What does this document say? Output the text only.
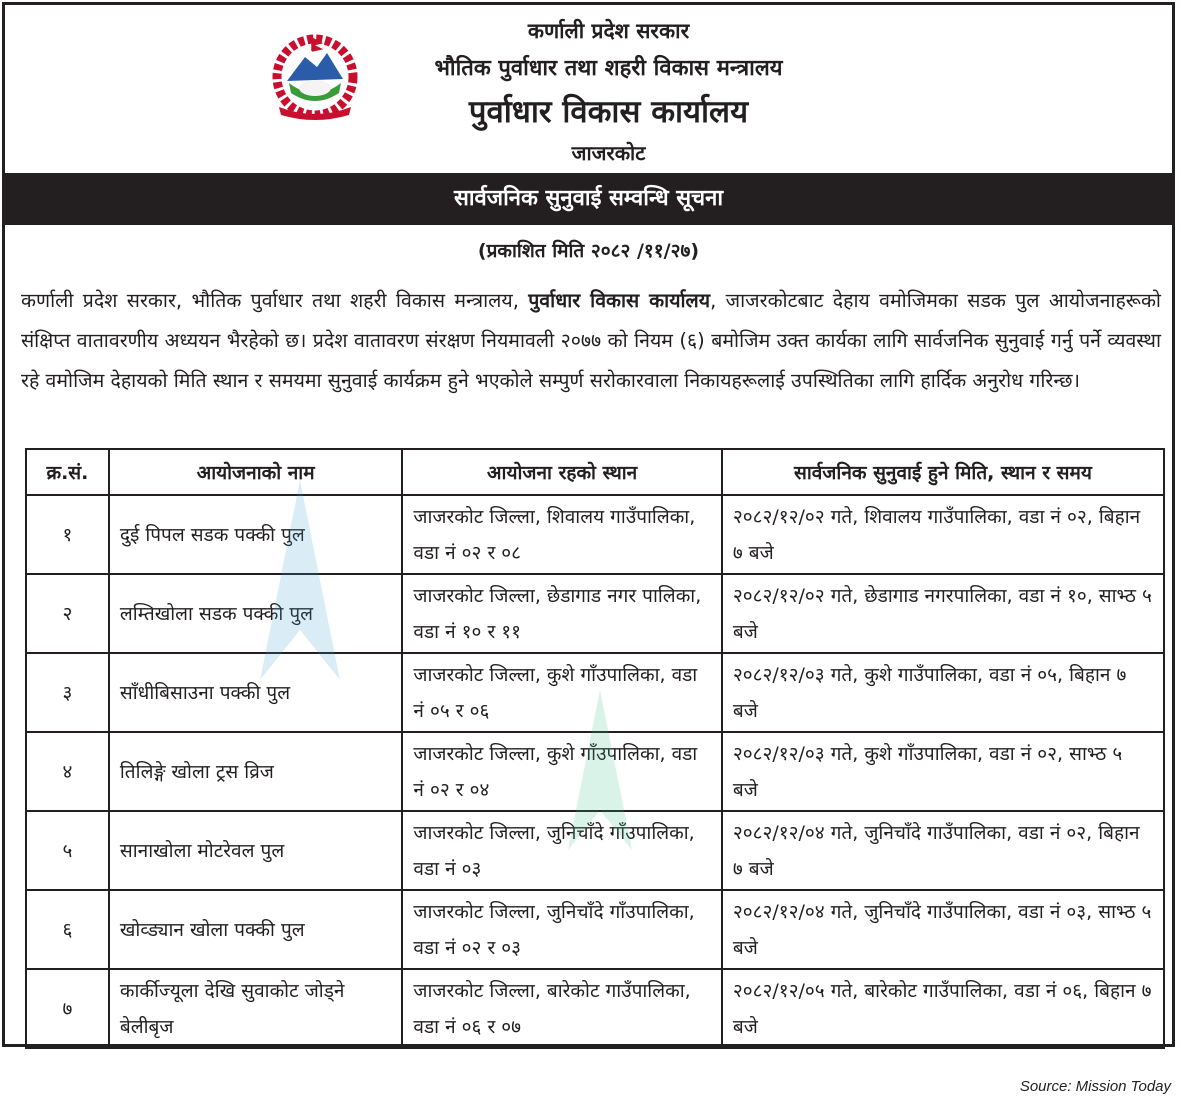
कर्णाली प्रदेश सरकार
भौतिक पुर्वाधार तथा शहरी विकास मन्त्रालय
पुर्वाधार विकास कार्यालय
जाजरकोट
सार्वजनिक सुनुवाई सम्वन्धि सूचना
(प्रकाशित मिति २०८२ /११/२७)
कर्णाली प्रदेश सरकार, भौतिक पुर्वाधार तथा शहरी विकास मन्त्रालय, पुर्वाधार विकास कार्यालय, जाजरकोटबाट देहाय वमोजिमका सडक पुल आयोजनाहरूको संक्षिप्त वातावरणीय अध्ययन भैरहेको छ। प्रदेश वातावरण संरक्षण नियमावली २०७७ को नियम (६) बमोजिम उक्त कार्यका लागि सार्वजनिक सुनुवाई गर्नु पर्ने व्यवस्था रहे वमोजिम देहायको मिति स्थान र समयमा सुनुवाई कार्यक्रम हुने भएकोले सम्पुर्ण सरोकारवाला निकायहरूलाई उपस्थितिका लागि हार्दिक अनुरोध गरिन्छ।
क्र.सं.	आयोजनाको नाम	आयोजना रहको स्थान	सार्वजनिक सुनुवाई हुने मिति, स्थान र समय
१	दुई पिपल सडक पक्की पुल	जाजरकोट जिल्ला, शिवालय गाउँपालिका, वडा नं ०२ र ०८	२०८२/१२/०२ गते, शिवालय गाउँपालिका, वडा नं ०२, बिहान ७ बजे
२	लम्तिखोला सडक पक्की पुल	जाजरकोट जिल्ला, छेडागाड नगर पालिका, वडा नं १० र ११	२०८२/१२/०२ गते, छेडागाड नगरपालिका, वडा नं १०, साभ्ठ ५ बजे
३	साँधीबिसाउना पक्की पुल	जाजरकोट जिल्ला, कुशे गाँउपालिका, वडा नं ०५ र ०६	२०८२/१२/०३ गते, कुशे गाउँपालिका, वडा नं ०५, बिहान ७ बजे
४	तिलिङ्गे खोला ट्रस व्रिज	जाजरकोट जिल्ला, कुशे गाँउपालिका, वडा नं ०२ र ०४	२०८२/१२/०३ गते, कुशे गाँउपालिका, वडा नं ०२, साभ्ठ ५ बजे
५	सानाखोला मोटरेवल पुल	जाजरकोट जिल्ला, जुनिचाँदे गाँउपालिका, वडा नं ०३	२०८२/१२/०४ गते, जुनिचाँदे गाउँपालिका, वडा नं ०२, बिहान ७ बजे
६	खोव्ड्यान खोला पक्की पुल	जाजरकोट जिल्ला, जुनिचाँदे गाँउपालिका, वडा नं ०२ र ०३	२०८२/१२/०४ गते, जुनिचाँदे गाउँपालिका, वडा नं ०३, साभ्ठ ५ बजे
७	कार्कीज्यूला देखि सुवाकोट जोड्ने बेलीबृज	जाजरकोट जिल्ला, बारेकोट गाउँपालिका, वडा नं ०६ र ०७	२०८२/१२/०५ गते, बारेकोट गाउँपालिका, वडा नं ०६, बिहान ७ बजे
Source: Mission Today
